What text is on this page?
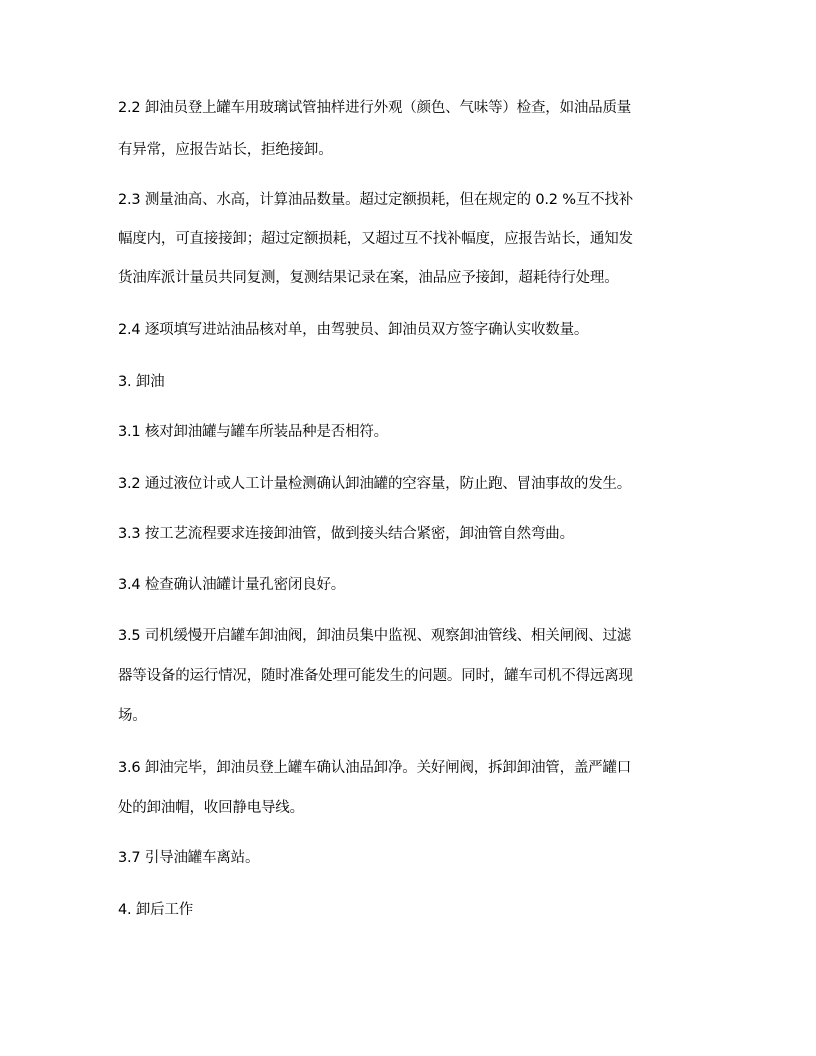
2.2 卸油员登上罐车用玻璃试管抽样进行外观（颜色、气味等）检查，如油品质量
有异常，应报告站长，拒绝接卸。
2.3 测量油高、水高，计算油品数量。超过定额损耗，但在规定的 0.2 %互不找补
幅度内，可直接接卸；超过定额损耗，又超过互不找补幅度，应报告站长，通知发
货油库派计量员共同复测，复测结果记录在案，油品应予接卸，超耗待行处理。
2.4 逐项填写进站油品核对单，由驾驶员、卸油员双方签字确认实收数量。
3. 卸油
3.1 核对卸油罐与罐车所装品种是否相符。
3.2 通过液位计或人工计量检测确认卸油罐的空容量，防止跑、冒油事故的发生。
3.3 按工艺流程要求连接卸油管，做到接头结合紧密，卸油管自然弯曲。
3.4 检查确认油罐计量孔密闭良好。
3.5 司机缓慢开启罐车卸油阀，卸油员集中监视、观察卸油管线、相关闸阀、过滤
器等设备的运行情况，随时准备处理可能发生的问题。同时，罐车司机不得远离现
场。
3.6 卸油完毕，卸油员登上罐车确认油品卸净。关好闸阀，拆卸卸油管，盖严罐口
处的卸油帽，收回静电导线。
3.7 引导油罐车离站。
4. 卸后工作
